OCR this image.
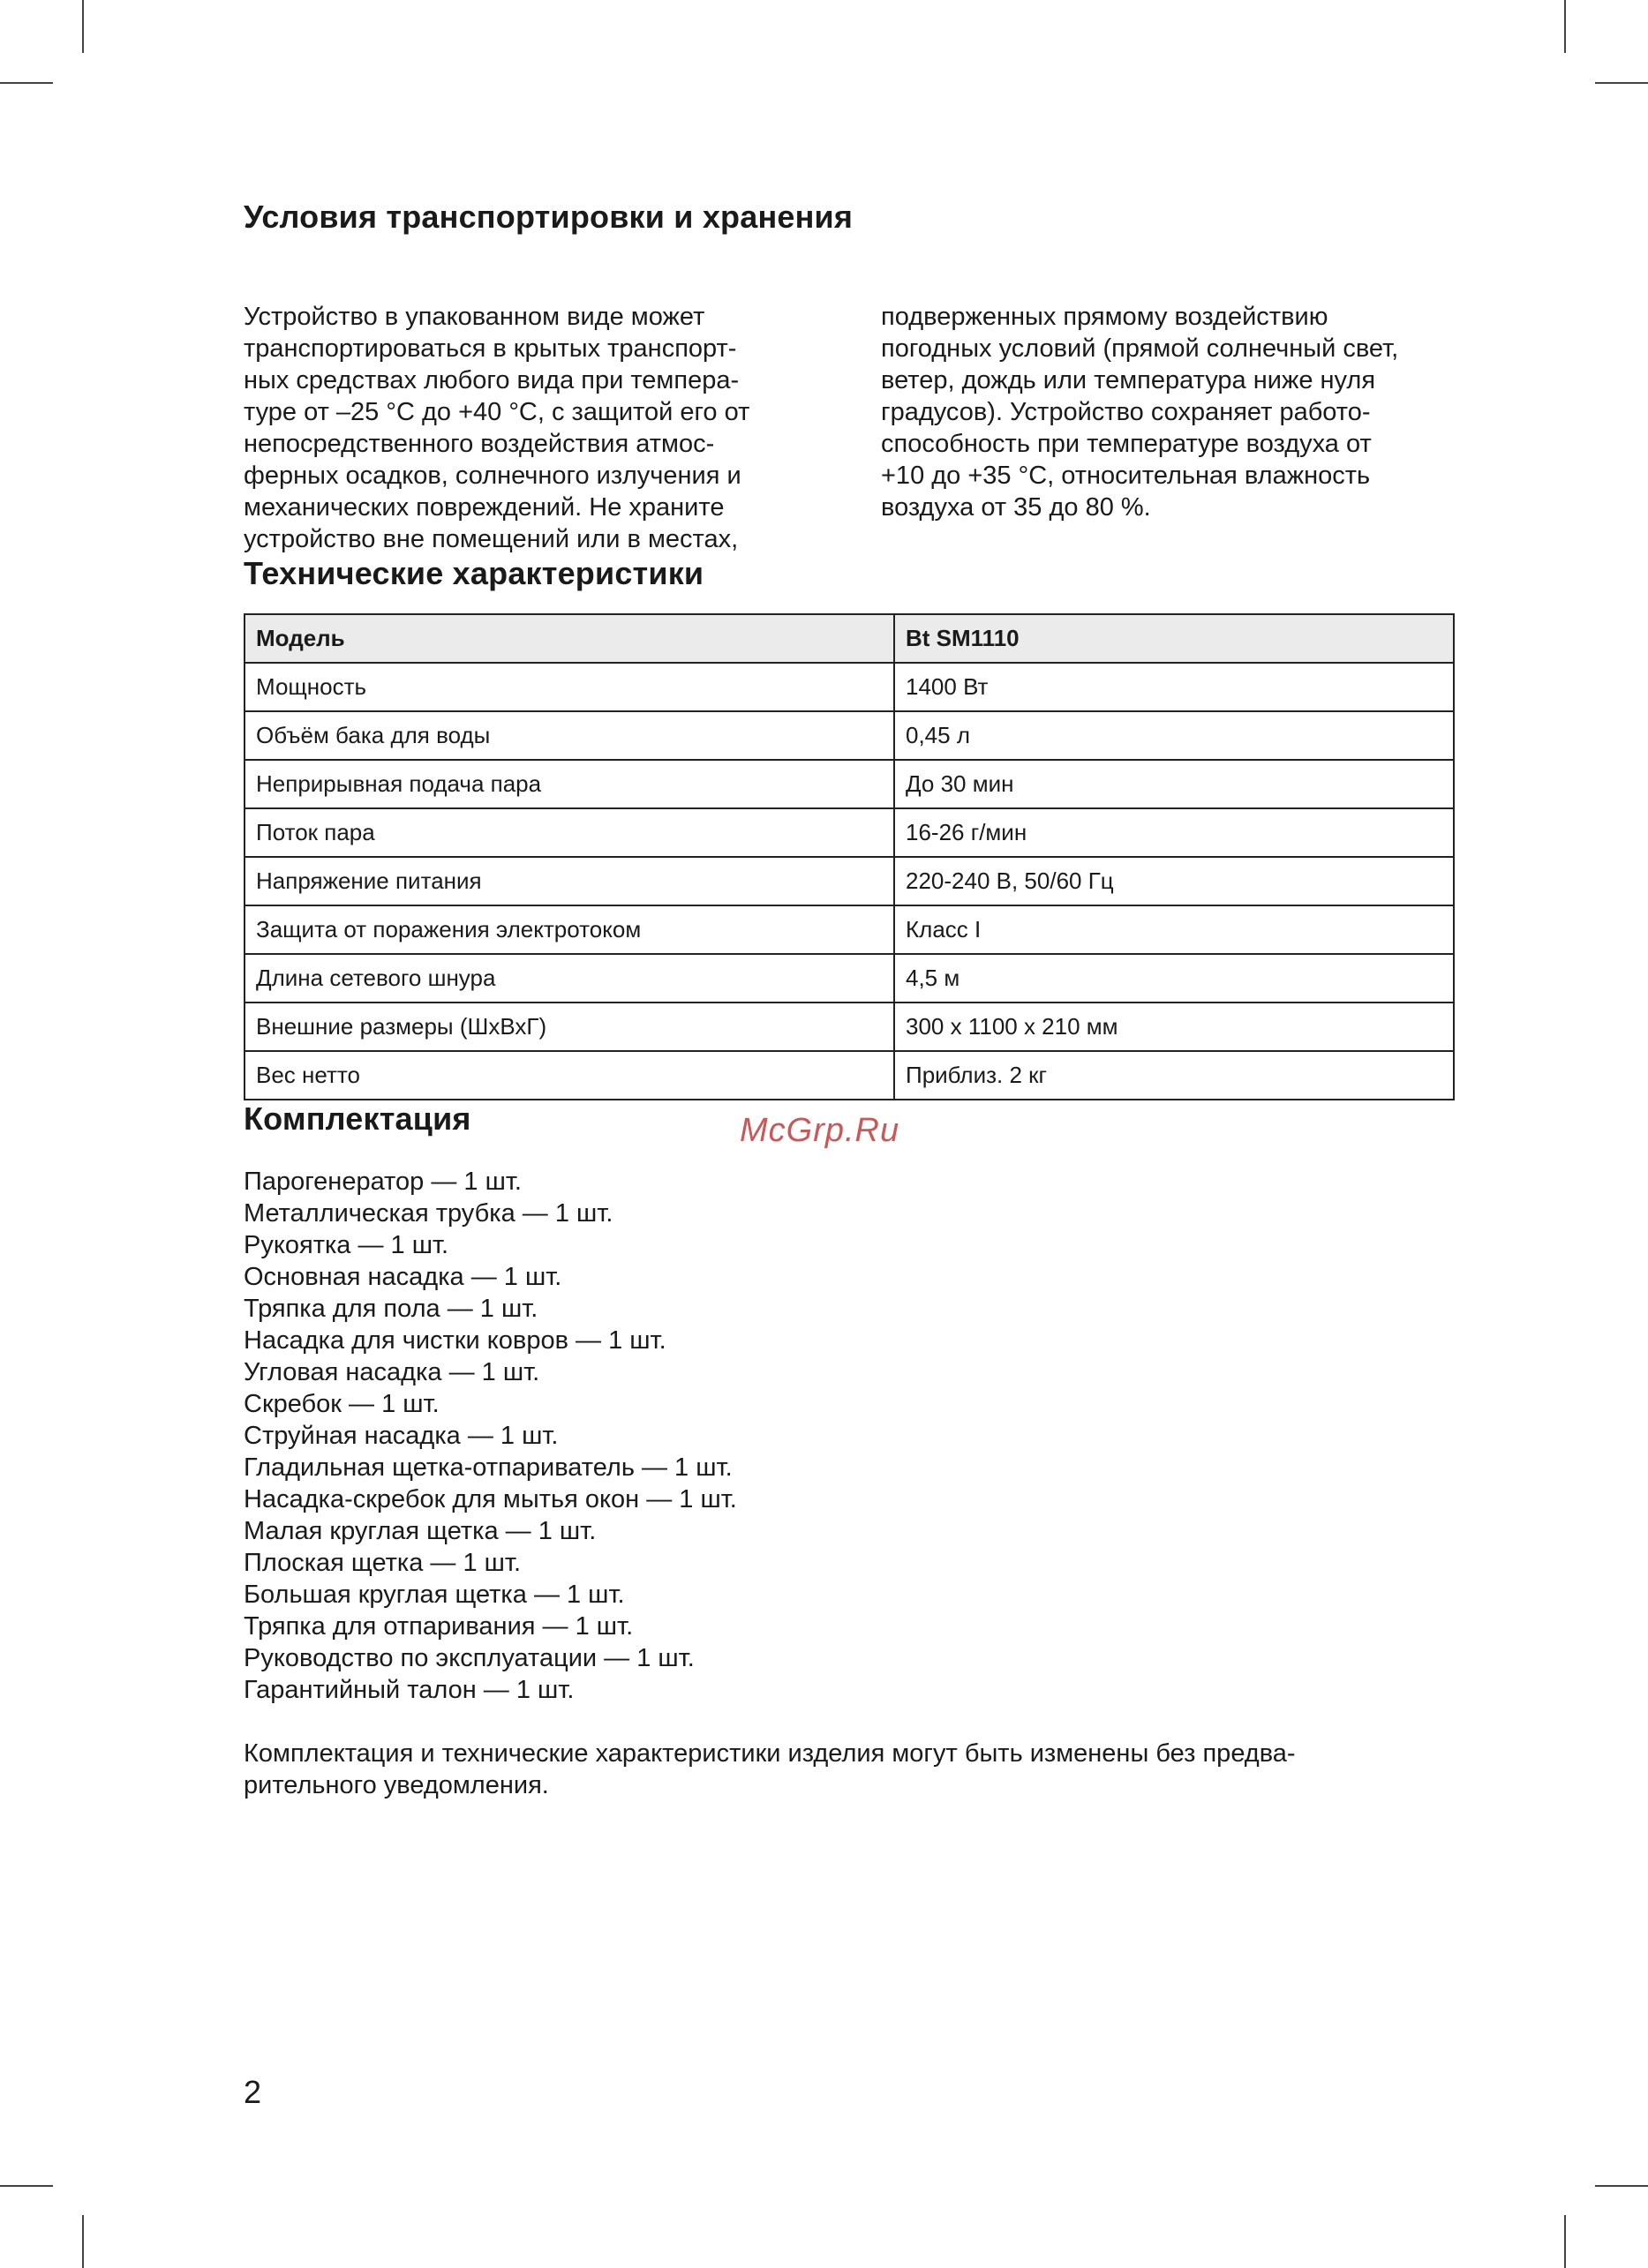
Условия транспортировки и хранения

Устройство в упакованном виде может
транспортироваться в крытых транспорт-
ных средствах любого вида при темпера-
туре от –25 °C до +40 °C, с защитой его от
непосредственного воздействия атмос-
ферных осадков, солнечного излучения и
механических повреждений. Не храните
устройство вне помещений или в местах,

подверженных прямому воздействию
погодных условий (прямой солнечный свет,
ветер, дождь или температура ниже нуля
градусов). Устройство сохраняет работо-
способность при температуре воздуха от
+10 до +35 °C, относительная влажность
воздуха от 35 до 80 %.

Технические характеристики
Модель	Bt SM1110
Мощность	1400 Вт
Объём бака для воды	0,45 л
Неприрывная подача пара	До 30 мин
Поток пара	16-26 г/мин
Напряжение питания	220-240 В, 50/60 Гц
Защита от поражения электротоком	Класс I
Длина сетевого шнура	4,5 м
Внешние размеры (ШхВхГ)	300 x 1100 x 210 мм
Вес нетто	Приблиз. 2 кг
Комплектация
Парогенератор — 1 шт.
Металлическая трубка — 1 шт.
Рукоятка — 1 шт.
Основная насадка — 1 шт.
Тряпка для пола — 1 шт.
Насадка для чистки ковров — 1 шт.
Угловая насадка — 1 шт.
Скребок — 1 шт.
Струйная насадка — 1 шт.
Гладильная щетка-отпариватель — 1 шт.
Насадка-скребок для мытья окон — 1 шт.
Малая круглая щетка — 1 шт.
Плоская щетка — 1 шт.
Большая круглая щетка — 1 шт.
Тряпка для отпаривания — 1 шт.
Руководство по эксплуатации — 1 шт.
Гарантийный талон — 1 шт.
Комплектация и технические характеристики изделия могут быть изменены без предва-
рительного уведомления.
McGrp.Ru
2
